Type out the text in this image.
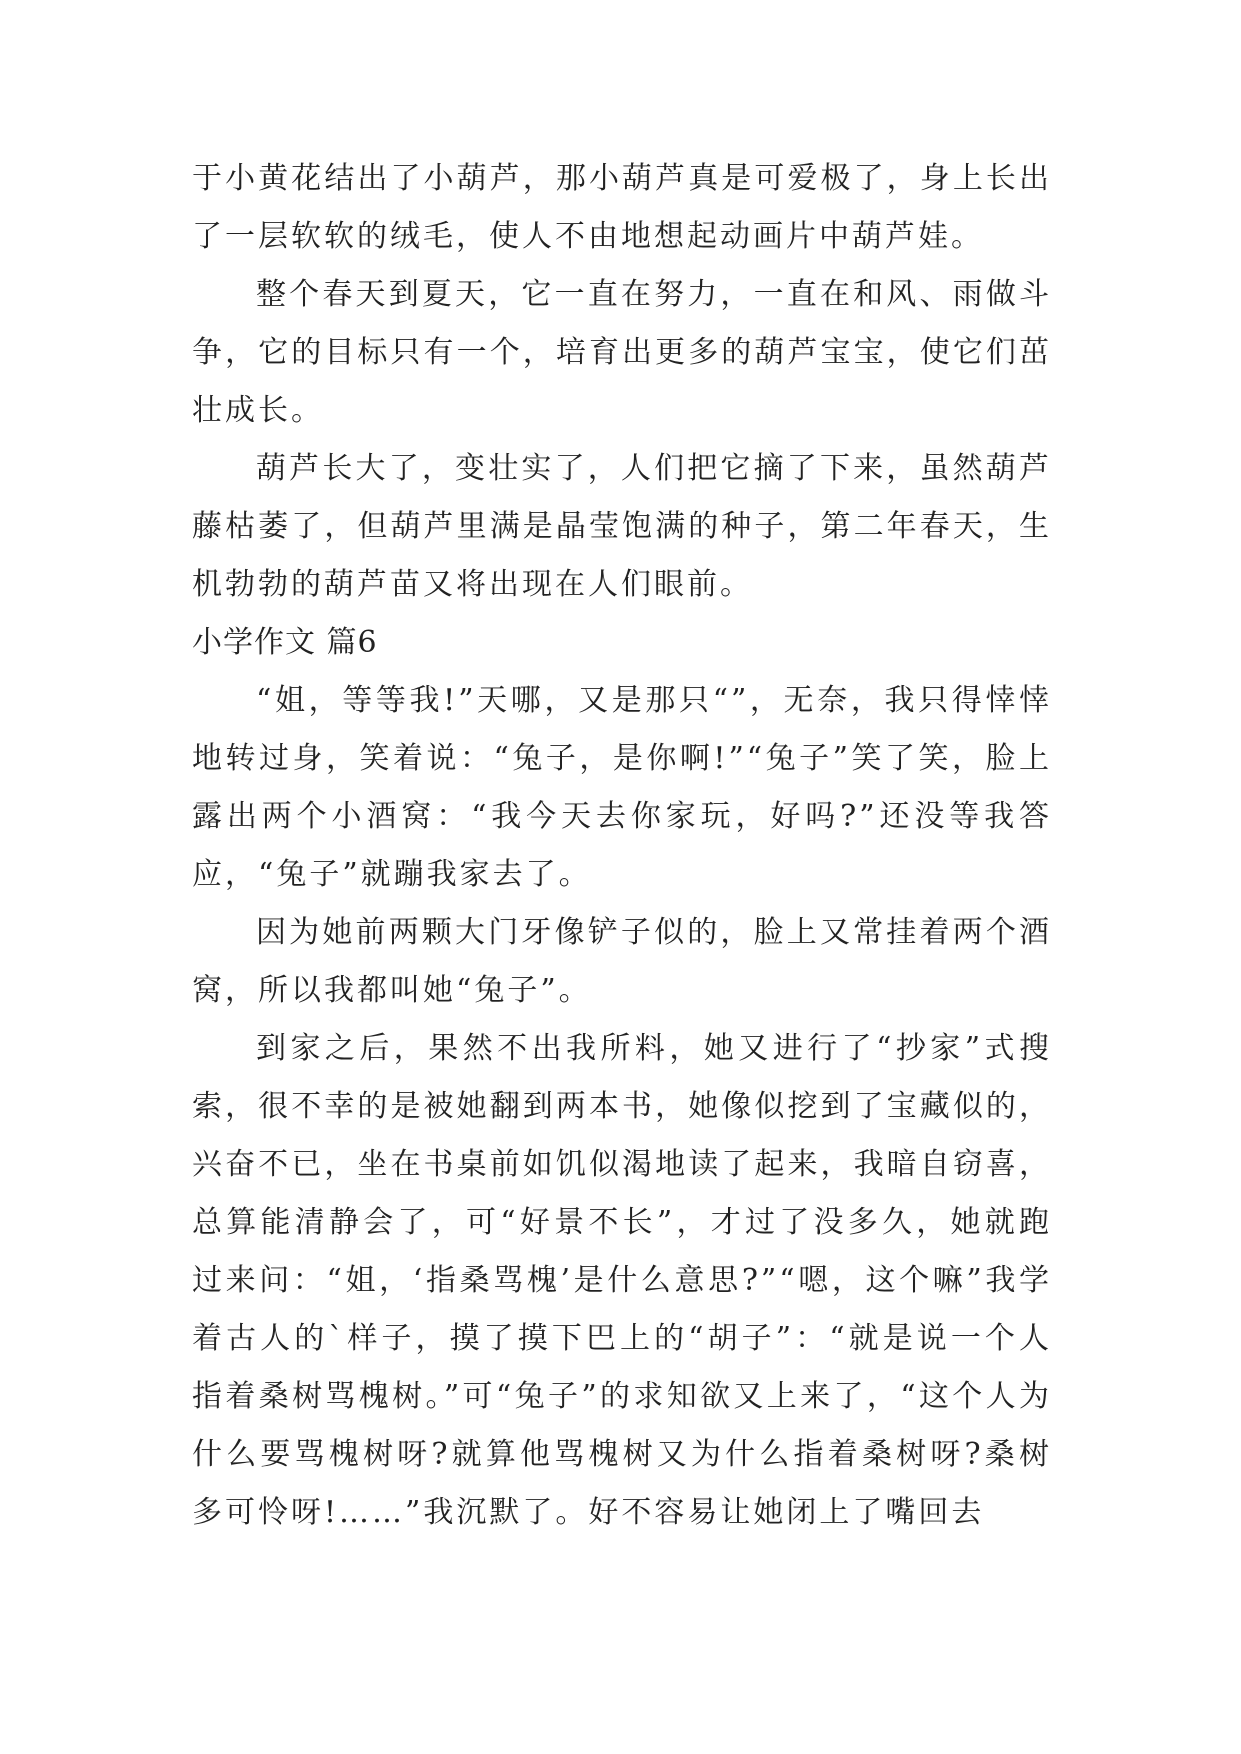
于小黄花结出了小葫芦，那小葫芦真是可爱极了，身上长出了一层软软的绒毛，使人不由地想起动画片中葫芦娃。

整个春天到夏天，它一直在努力，一直在和风、雨做斗争，它的目标只有一个，培育出更多的葫芦宝宝，使它们茁壮成长。

葫芦长大了，变壮实了，人们把它摘了下来，虽然葫芦藤枯萎了，但葫芦里满是晶莹饱满的种子，第二年春天，生机勃勃的葫芦苗又将出现在人们眼前。

小学作文 篇6

“姐，等等我!”天哪，又是那只“”，无奈，我只得悻悻地转过身，笑着说：“兔子，是你啊!”“兔子”笑了笑，脸上露出两个小酒窝：“我今天去你家玩，好吗?”还没等我答应，“兔子”就蹦我家去了。

因为她前两颗大门牙像铲子似的，脸上又常挂着两个酒窝，所以我都叫她“兔子”。

到家之后，果然不出我所料，她又进行了“抄家”式搜索，很不幸的是被她翻到两本书，她像似挖到了宝藏似的，兴奋不已，坐在书桌前如饥似渴地读了起来，我暗自窃喜，总算能清静会了，可“好景不长”，才过了没多久，她就跑过来问：“姐，‘指桑骂槐’是什么意思?”“嗯，这个嘛”我学着古人的`样子，摸了摸下巴上的“胡子”：“就是说一个人指着桑树骂槐树。”可“兔子”的求知欲又上来了，“这个人为什么要骂槐树呀?就算他骂槐树又为什么指着桑树呀?桑树多可怜呀!……”我沉默了。好不容易让她闭上了嘴回去
